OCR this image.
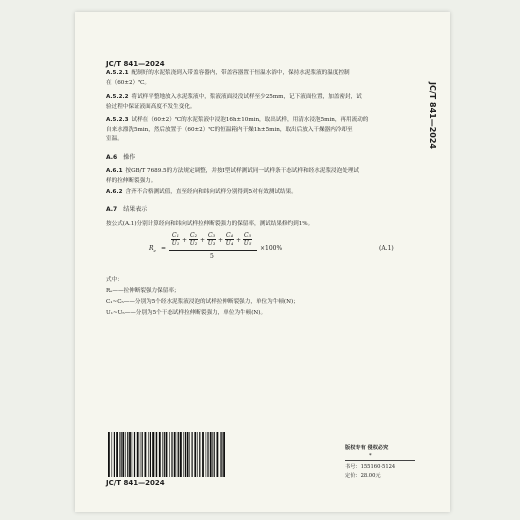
JC/T 841—2024
JC/T 841—2024
A.5.2.1 配制好的水泥浆浇到入带盖容器内，带盖容器置于恒温水浴中，保持水泥浆液的温度控制
在（60±2）℃。
A.5.2.2 将试样平整地放入水泥浆液中，浆液液面浸没试样至少25mm，记下液面位置，加盖密封，试
验过程中保证液面高度不发生变化。
A.5.2.3 试样在（60±2）℃的水泥浆液中浸泡16h±10min，取出试样，用清水浸泡5min，再用流动的
自来水漂洗5min，然后放置于（60±2）℃的恒温箱内干燥1h±5min，取出后放入干燥器内冷却至
室温。
A.6 操作
A.6.1 按GB/T 7689.5的方法规定调整，并按Ⅰ型试样测试同一试样条干态试样和经水泥浆浸泡处理试
样的拉伸断裂强力。
A.6.2 含齐不合格测试值，直至经向和纬向试样分别得到5对有效测试结果。
A.7 结果表示
按公式(A.1)分别计算经向和纬向试样拉伸断裂强力的保留率，测试结果修约到1%。
$R_e$ =
$\frac{\text{C₁}}{\text{U₁}} + \frac{\text{C₂}}{\text{U₂}} + \frac{\text{C₃}}{\text{U₃}} + \frac{\text{C₄}}{\text{U₄}} + \frac{\text{C₅}}{\text{U₅}}$
5
×100%	(A.1)
式中：
Rₑ——拉伸断裂强力保留率；
C₁~C₅——分别为5个经水泥浆液浸泡的试样拉伸断裂强力，单位为牛顿(N)；
U₁~U₅——分别为5个干态试样拉伸断裂强力，单位为牛顿(N)。
JC/T 841—2024
版权专有 侵权必究
*
书号：155160·5124
定价：28.00元
